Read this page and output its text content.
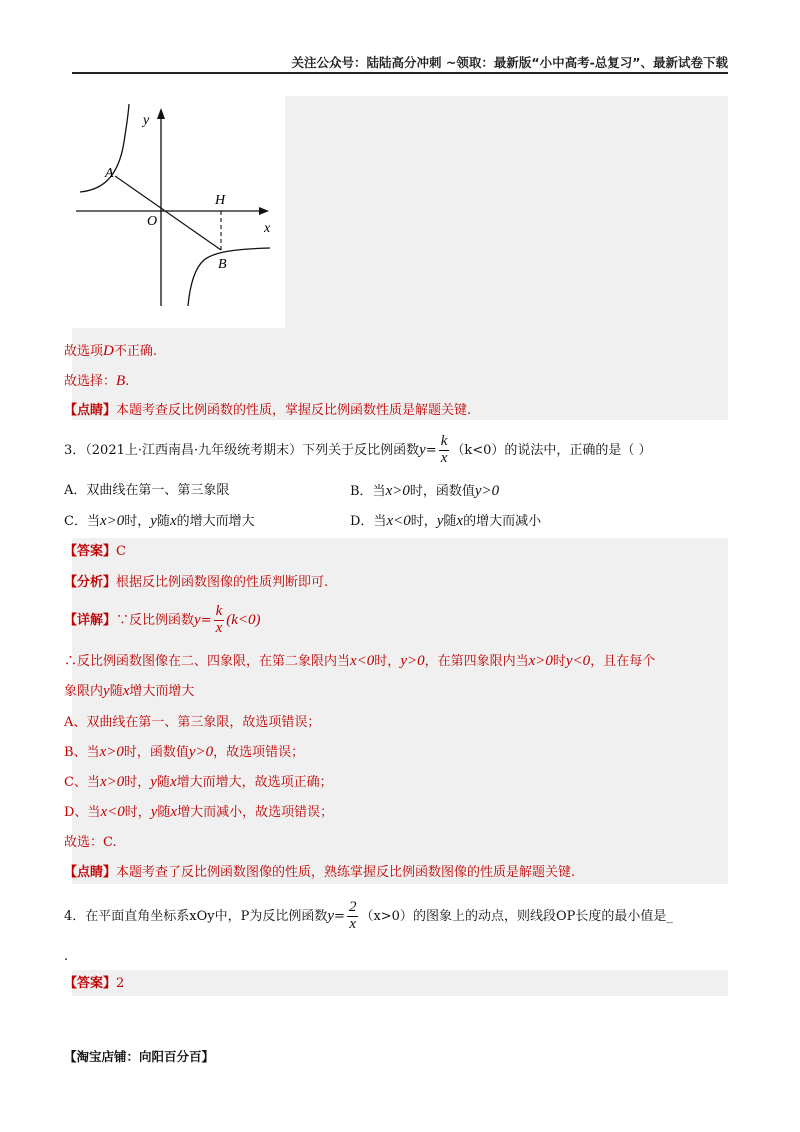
关注公众号：陆陆高分冲刺 ~领取：最新版“小中高考-总复习”、最新试卷下载
y
A
O
H
x
B
故选项D不正确.
故选择：B.
【点睛】本题考查反比例函数的性质，掌握反比例函数性质是解题关键.
3．（2021上·江西南昌·九年级统考期末）下列关于反比例函数$y= \frac{k}{x} (k<0)$的说法中，正确的是（ ）
A．双曲线在第一、第三象限	B．当x>0时，函数值y>0
C．当x>0时，y随x的增大而增大	D．当x<0时，y随x的增大而减小
【答案】C
【分析】根据反比例函数图像的性质判断即可.
【详解】∵反比例函数$y= \frac{k}{x} (k<0)$
∴反比例函数图像在二、四象限，在第二象限内当x<0时，y>0，在第四象限内当x>0时y<0，且在每个
象限内y随x增大而增大
A、双曲线在第一、第三象限，故选项错误；
B、当x>0时，函数值y>0，故选项错误；
C、当x>0时，y随x增大而增大，故选项正确；
D、当x<0时，y随x增大而减小，故选项错误；
故选：C.
【点睛】本题考查了反比例函数图像的性质，熟练掌握反比例函数图像的性质是解题关键.
4．在平面直角坐标系xOy中，P为反比例函数$y= \frac{2}{x} (x>0)$的图象上的动点，则线段OP长度的最小值是_
.
【答案】2
【淘宝店铺：向阳百分百】
